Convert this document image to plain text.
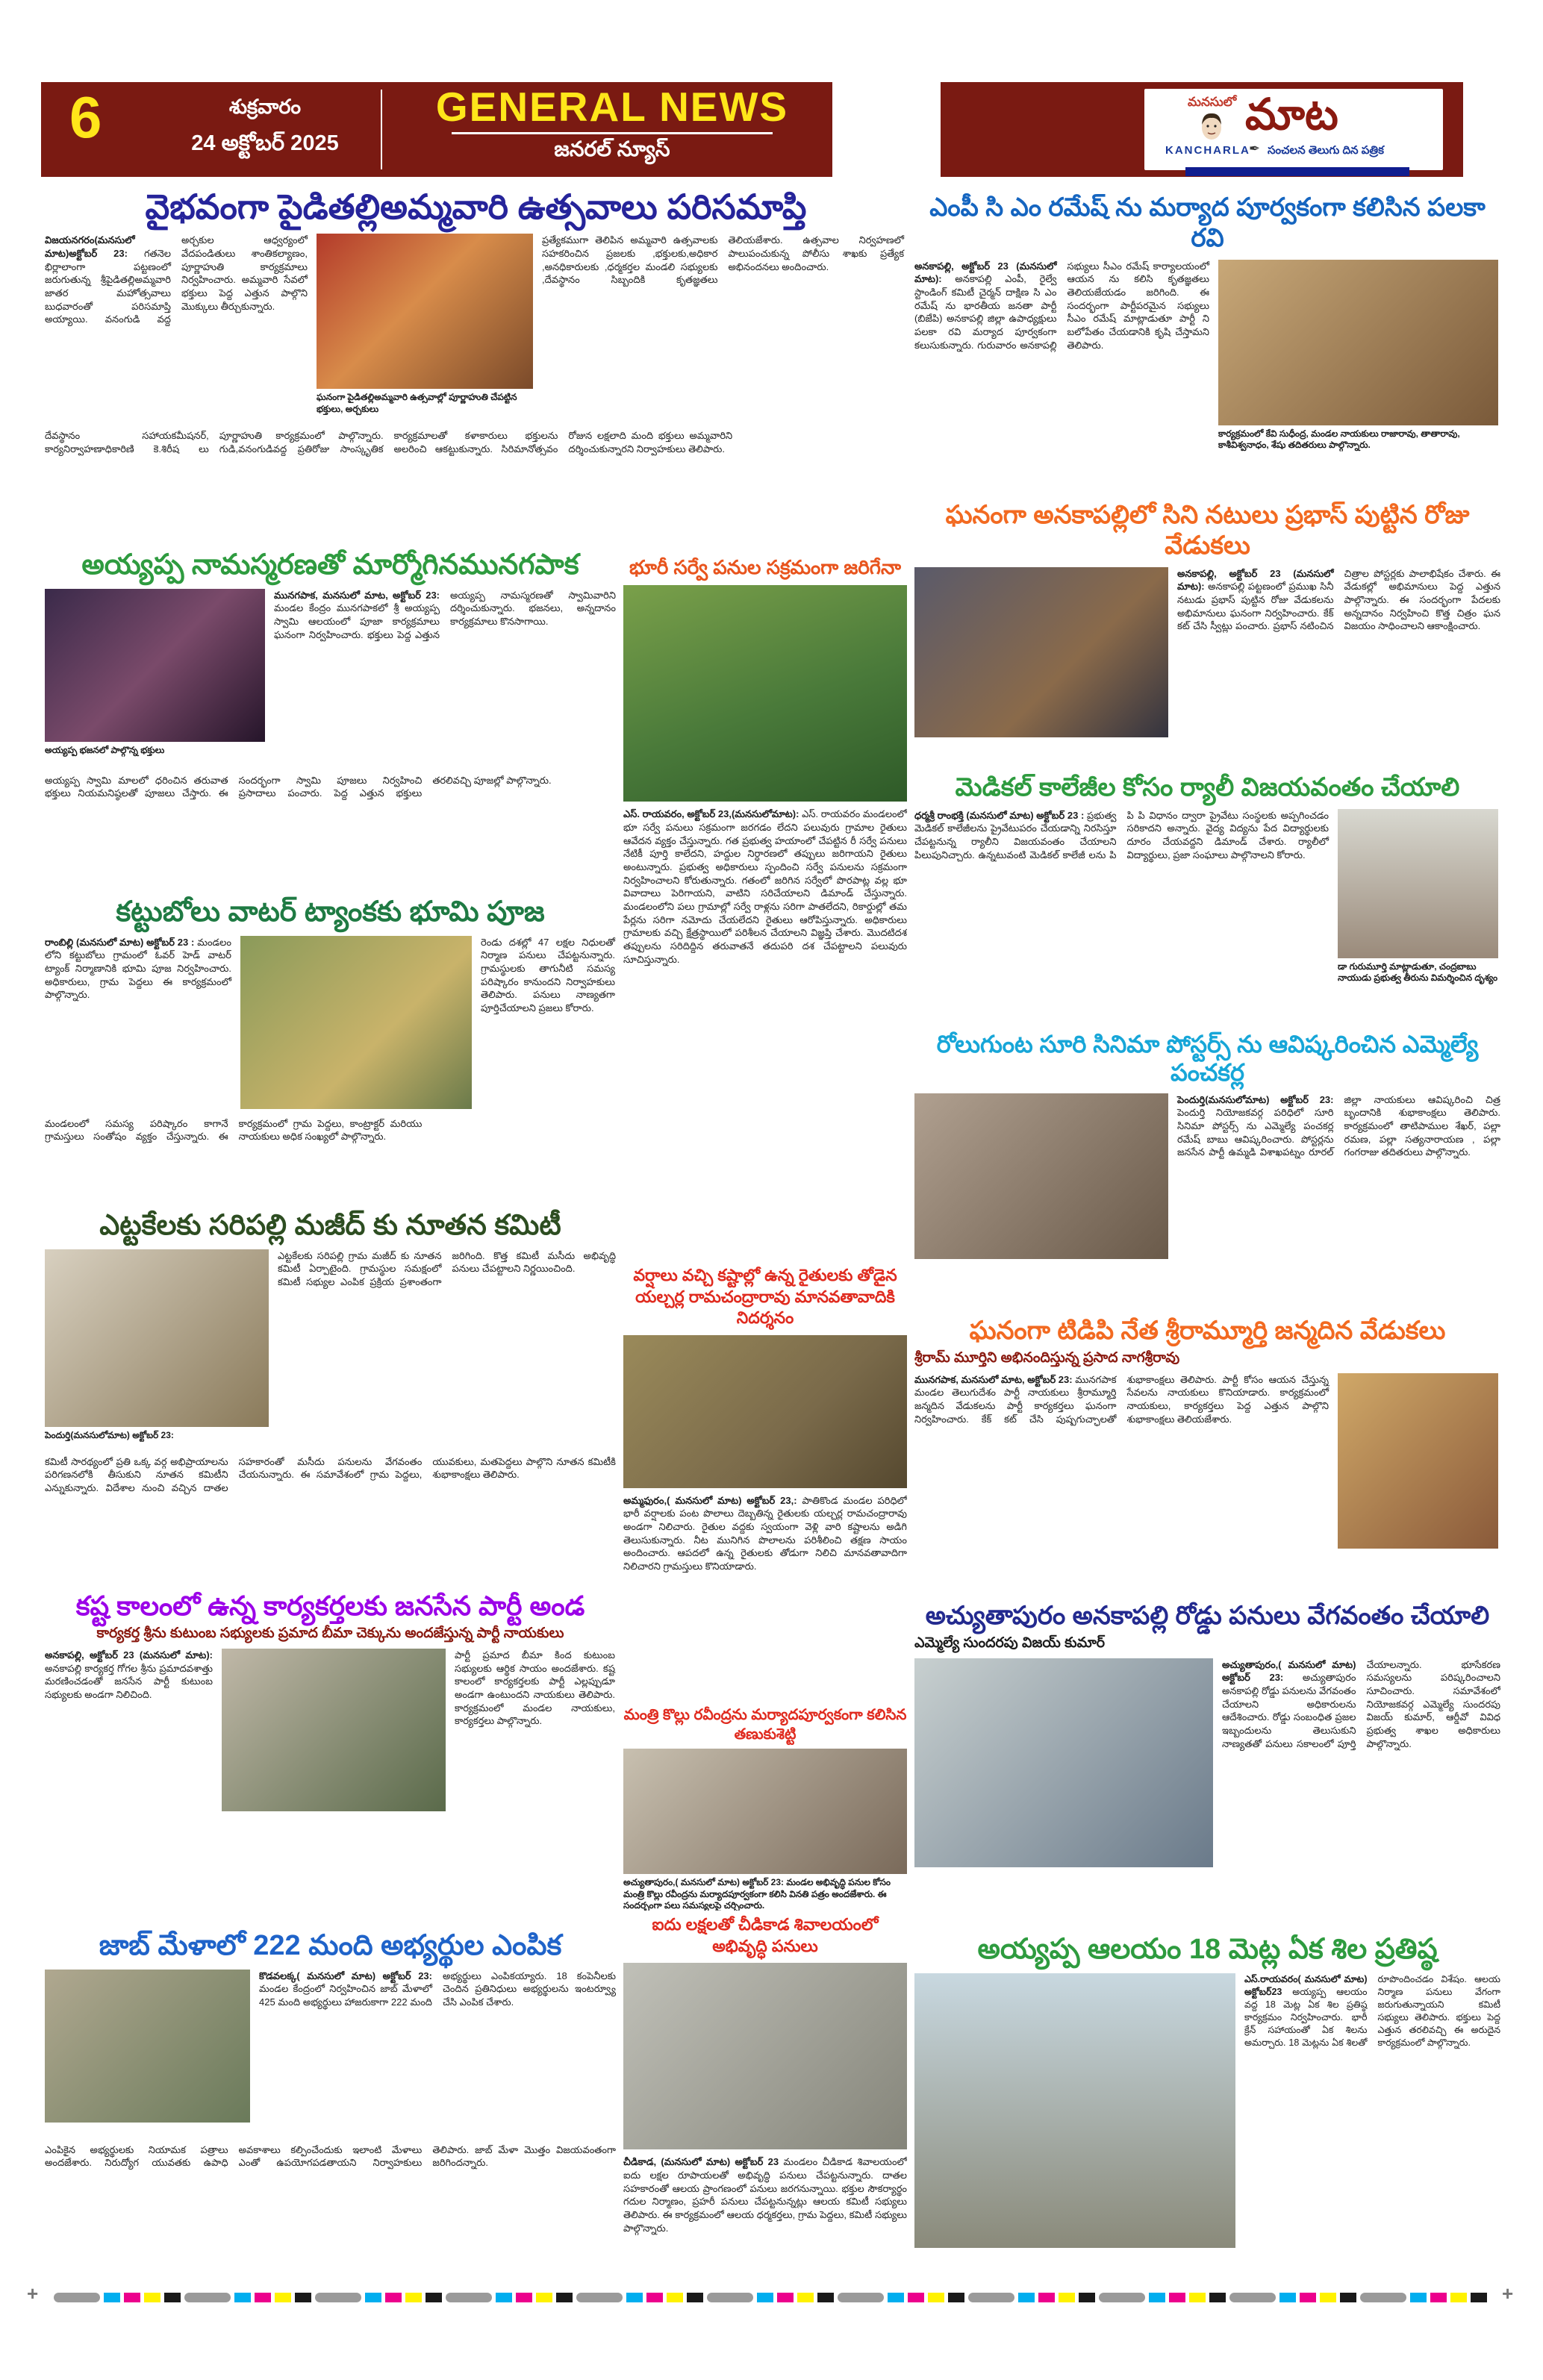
6	శుక్రవారం
24 అక్టోబర్ 2025
GENERAL NEWS
జనరల్ న్యూస్
మనసులో మాట
KANCHARLA
✒ సంచలన తెలుగు దిన పత్రిక
వైభవంగా పైడితల్లిఅమ్మవారి ఉత్సవాలు పరిసమాప్తి
విజయనగరం(మనసులో మాట)అక్టోబర్ 23: గతనెల భిర్లాలాంగా పట్టణంలో జరుగుతున్న శ్రీపైడితల్లిఅమ్మవారి జాతర మహోత్సవాలు బుధవారంతో పరిసమాప్తి అయ్యాయి. వనంగుడి వద్ద అర్చకుల ఆధ్వర్యంలో వేదపండితులు శాంతికల్యాణం, పూర్ణాహుతి కార్యక్రమాలు నిర్వహించారు. అమ్మవారి సేవలో భక్తులు పెద్ద ఎత్తున పాల్గొని మొక్కులు తీర్చుకున్నారు.
ఘనంగా పైడితల్లిఅమ్మవారి ఉత్సవాల్లో పూర్ణాహుతి చేపట్టిన భక్తులు, అర్చకులు
ప్రత్యేకముగా తెలిపిన అమ్మవారి ఉత్సవాలకు సహకరించిన ప్రజలకు ,భక్తులకు,అధికార ,అనధికారులకు ,ధర్మకర్తల మండలి సభ్యులకు ,దేవస్థానం సిబ్బందికి కృతజ్ఞతలు తెలియజేశారు. ఉత్సవాల నిర్వహణలో పాలుపంచుకున్న పోలీసు శాఖకు ప్రత్యేక అభినందనలు అందించారు.
దేవస్థానం సహాయకమీషనర్, కార్యనిర్వాహణాధికారిణి కె.శిరీష లు పూర్ణాహుతి కార్యక్రమంలో పాల్గొన్నారు. గుడి,వనంగుడివద్ద ప్రతిరోజు సాంస్కృతిక కార్యక్రమాలతో కళాకారులు భక్తులను అలరించి ఆకట్టుకున్నారు. సిరిమానోత్సవం రోజున లక్షలాది మంది భక్తులు అమ్మవారిని దర్శించుకున్నారని నిర్వాహకులు తెలిపారు.
అయ్యప్ప నామస్మరణతో మార్మోగినమునగపాక
అయ్యప్ప భజనలో పాల్గొన్న భక్తులు
మునగపాక, మనసులో మాట, అక్టోబర్ 23: మండల కేంద్రం మునగపాకలో శ్రీ అయ్యప్ప స్వామి ఆలయంలో పూజా కార్యక్రమాలు ఘనంగా నిర్వహించారు. భక్తులు పెద్ద ఎత్తున అయ్యప్ప నామస్మరణతో స్వామివారిని దర్శించుకున్నారు. భజనలు, అన్నదానం కార్యక్రమాలు కొనసాగాయి.
అయ్యప్ప స్వామి మాలలో ధరించిన తరువాత భక్తులు నియమనిష్ఠలతో పూజలు చేస్తారు. ఈ సందర్భంగా స్వామి పూజలు నిర్వహించి ప్రసాదాలు పంచారు. పెద్ద ఎత్తున భక్తులు తరలివచ్చి పూజల్లో పాల్గొన్నారు.
కట్టుబోలు వాటర్ ట్యాంకకు భూమి పూజ
రాంబిల్లి (మనసులో మాట) అక్టోబర్ 23 : మండలం లోని కట్టుబోలు గ్రామంలో ఓవర్ హెడ్ వాటర్ ట్యాంక్ నిర్మాణానికి భూమి పూజ నిర్వహించారు. అధికారులు, గ్రామ పెద్దలు ఈ కార్యక్రమంలో పాల్గొన్నారు.
రెండు దశల్లో 47 లక్షల నిధులతో నిర్మాణ పనులు చేపట్టనున్నారు. గ్రామస్థులకు తాగునీటి సమస్య పరిష్కారం కానుందని నిర్వాహకులు తెలిపారు. పనులు నాణ్యతగా పూర్తిచేయాలని ప్రజలు కోరారు.
మండలంలో సమస్య పరిష్కారం కాగానే గ్రామస్తులు సంతోషం వ్యక్తం చేస్తున్నారు. ఈ కార్యక్రమంలో గ్రామ పెద్దలు, కాంట్రాక్టర్ మరియు నాయకులు అధిక సంఖ్యలో పాల్గొన్నారు.
ఎట్టకేలకు సరిపల్లి మజీద్ కు నూతన కమిటీ
పెందుర్తి(మనసులోమాట) అక్టోబర్ 23:
ఎట్టకేలకు సరిపల్లి గ్రామ మజీద్ కు నూతన కమిటీ ఏర్పాటైంది. గ్రామస్థుల సమక్షంలో కమిటీ సభ్యుల ఎంపిక ప్రక్రియ ప్రశాంతంగా జరిగింది. కొత్త కమిటీ మసీదు అభివృద్ధి పనులు చేపట్టాలని నిర్ణయించింది.
కమిటీ సారథ్యంలో ప్రతి ఒక్క వర్గ అభిప్రాయాలను పరిగణనలోకి తీసుకుని నూతన కమిటీని ఎన్నుకున్నారు. విదేశాల నుంచి వచ్చిన దాతల సహకారంతో మసీదు పనులను వేగవంతం చేయనున్నారు. ఈ సమావేశంలో గ్రామ పెద్దలు, యువకులు, మతపెద్దలు పాల్గొని నూతన కమిటీకి శుభాకాంక్షలు తెలిపారు.
కష్ట కాలంలో ఉన్న కార్యకర్తలకు జనసేన పార్టీ అండ
కార్యకర్త శ్రీను కుటుంబ సభ్యులకు ప్రమాద బీమా చెక్కును అందజేస్తున్న పార్టీ నాయకులు
అనకాపల్లి, అక్టోబర్ 23 (మనసులో మాట): అనకాపల్లి కార్యకర్త గోగల శ్రీను ప్రమాదవశాత్తు మరణించడంతో జనసేన పార్టీ కుటుంబ సభ్యులకు అండగా నిలిచింది.
పార్టీ ప్రమాద బీమా కింద కుటుంబ సభ్యులకు ఆర్థిక సాయం అందజేశారు. కష్ట కాలంలో కార్యకర్తలకు పార్టీ ఎల్లప్పుడూ అండగా ఉంటుందని నాయకులు తెలిపారు. కార్యక్రమంలో మండల నాయకులు, కార్యకర్తలు పాల్గొన్నారు.
జాబ్ మేళాలో 222 మంది అభ్యర్థుల ఎంపిక
కొడవలక్క( మనసులో మాట) అక్టోబర్ 23: మండల కేంద్రంలో నిర్వహించిన జాబ్ మేళాలో 425 మంది అభ్యర్థులు హాజరుకాగా 222 మంది అభ్యర్థులు ఎంపికయ్యారు. 18 కంపెనీలకు చెందిన ప్రతినిధులు అభ్యర్థులను ఇంటర్వ్యూ చేసి ఎంపిక చేశారు.
ఎంపికైన అభ్యర్థులకు నియామక పత్రాలు అందజేశారు. నిరుద్యోగ యువతకు ఉపాధి అవకాశాలు కల్పించేందుకు ఇలాంటి మేళాలు ఎంతో ఉపయోగపడతాయని నిర్వాహకులు తెలిపారు. జాబ్ మేళా మొత్తం విజయవంతంగా జరిగిందన్నారు.
భూరీ సర్వే పనుల సక్రమంగా జరిగేనా
ఎస్. రాయవరం, అక్టోబర్ 23,(మనసులోమాట): ఎస్. రాయవరం మండలంలో భూ సర్వే పనులు సక్రమంగా జరగడం లేదని పలువురు గ్రామాల రైతులు ఆవేదన వ్యక్తం చేస్తున్నారు. గత ప్రభుత్వ హయాంలో చేపట్టిన రీ సర్వే పనులు నేటికీ పూర్తి కాలేదని, హద్దుల నిర్ధారణలో తప్పులు జరిగాయని రైతులు అంటున్నారు. ప్రభుత్వ అధికారులు స్పందించి సర్వే పనులను సక్రమంగా నిర్వహించాలని కోరుతున్నారు. గతంలో జరిగిన సర్వేలో పొరపాట్ల వల్ల భూ వివాదాలు పెరిగాయని, వాటిని సరిచేయాలని డిమాండ్ చేస్తున్నారు. మండలంలోని పలు గ్రామాల్లో సర్వే రాళ్లను సరిగా పాతలేదని, రికార్డుల్లో తమ పేర్లను సరిగా నమోదు చేయలేదని రైతులు ఆరోపిస్తున్నారు. అధికారులు గ్రామాలకు వచ్చి క్షేత్రస్థాయిలో పరిశీలన చేయాలని విజ్ఞప్తి చేశారు. మొదటిదశ తప్పులను సరిదిద్దిన తరువాతనే తదుపరి దశ చేపట్టాలని పలువురు సూచిస్తున్నారు.
వర్షాలు వచ్చి కష్టాల్లో ఉన్న రైతులకు తోడైన యల్చర్ల రామచంద్రారావు మానవతావాదికి నిదర్శనం
అమ్మఫురం,( మనసులో మాట) అక్టోబర్ 23,: పాతికొండ మండల పరిధిలో భారీ వర్షాలకు పంట పొలాలు దెబ్బతిన్న రైతులకు యల్చర్ల రామచంద్రారావు అండగా నిలిచారు. రైతుల వద్దకు స్వయంగా వెళ్లి వారి కష్టాలను అడిగి తెలుసుకున్నారు. నీట మునిగిన పొలాలను పరిశీలించి తక్షణ సాయం అందించారు. ఆపదలో ఉన్న రైతులకు తోడుగా నిలిచి మానవతావాదిగా నిలిచారని గ్రామస్తులు కొనియాడారు.
మంత్రి కొల్లు రవీంద్రను మర్యాదపూర్వకంగా కలిసిన తణుకుశెట్టి
అచ్యుతాపురం,( మనసులో మాట) అక్టోబర్ 23: మండల అభివృద్ధి పనుల కోసం మంత్రి కొల్లు రవీంద్రను మర్యాదపూర్వకంగా కలిసి వినతి పత్రం అందజేశారు. ఈ సందర్భంగా పలు సమస్యలపై చర్చించారు.
ఐదు లక్షలతో చీడికాడ శివాలయంలో అభివృద్ధి పనులు
చీడికాడ, (మనసులో మాట) అక్టోబర్ 23 మండలం చీడికాడ శివాలయంలో ఐదు లక్షల రూపాయలతో అభివృద్ధి పనులు చేపట్టనున్నారు. దాతల సహకారంతో ఆలయ ప్రాంగణంలో పనులు జరగనున్నాయి. భక్తుల సౌకర్యార్థం గదుల నిర్మాణం, ప్రహరీ పనులు చేపట్టనున్నట్లు ఆలయ కమిటీ సభ్యులు తెలిపారు. ఈ కార్యక్రమంలో ఆలయ ధర్మకర్తలు, గ్రామ పెద్దలు, కమిటీ సభ్యులు పాల్గొన్నారు.
ఎంపీ సి ఎం రమేష్ ను మర్యాద పూర్వకంగా కలిసిన పలకా రవి
అనకాపల్లి, అక్టోబర్ 23 (మనసులో మాట): అనకాపల్లి ఎంపీ, రైల్వే స్టాండింగ్ కమిటీ చైర్మన్ దాక్షిణ సి ఎం రమేష్ ను భారతీయ జనతా పార్టీ (బిజేపి) అనకాపల్లి జిల్లా ఉపాధ్యక్షులు పలకా రవి మర్యాద పూర్వకంగా కలుసుకున్నారు. గురువారం అనకాపల్లి సభ్యులు సీఎం రమేష్ కార్యాలయంలో ఆయన ను కలిసి కృతజ్ఞతలు తెలియజేయడం జరిగింది. ఈ సందర్భంగా పార్టీపరమైన సభ్యులు సీఎం రమేష్ మాట్లాడుతూ పార్టీ ని బలోపేతం చేయడానికి కృషి చేస్తామని తెలిపారు.
కార్యక్రమంలో కేవి సుధీంద్ర, మండల నాయకులు రాజారావు, తాతారావు, కాశీవిశ్వనాధం, శేషు తదితరులు పాల్గొన్నారు.
ఘనంగా అనకాపల్లిలో సిని నటులు ప్రభాస్ పుట్టిన రోజు వేడుకలు
అనకాపల్లి, అక్టోబర్ 23 (మనసులో మాట): అనకాపల్లి పట్టణంలో ప్రముఖ సినీ నటుడు ప్రభాస్ పుట్టిన రోజు వేడుకలను అభిమానులు ఘనంగా నిర్వహించారు. కేక్ కట్ చేసి స్వీట్లు పంచారు. ప్రభాస్ నటించిన చిత్రాల పోస్టర్లకు పాలాభిషేకం చేశారు. ఈ వేడుకల్లో అభిమానులు పెద్ద ఎత్తున పాల్గొన్నారు. ఈ సందర్భంగా పేదలకు అన్నదానం నిర్వహించి కొత్త చిత్రం ఘన విజయం సాధించాలని ఆకాంక్షించారు.
మెడికల్ కాలేజీల కోసం ర్యాలీ విజయవంతం చేయాలి
ధర్మశ్రీ రాంభక్తి (మనసులో మాట) అక్టోబర్ 23 : ప్రభుత్వ మెడికల్ కాలేజీలను ప్రైవేటుపరం చేయడాన్ని నిరసిస్తూ చేపట్టనున్న ర్యాలీని విజయవంతం చేయాలని పిలుపునిచ్చారు. ఉన్నటువంటి మెడికల్ కాలేజీ లను పి పి పి విధానం ద్వారా ప్రైవేటు సంస్థలకు అప్పగించడం సరికాదని అన్నారు. వైద్య విద్యను పేద విద్యార్థులకు దూరం చేయవద్దని డిమాండ్ చేశారు. ర్యాలీలో విద్యార్థులు, ప్రజా సంఘాలు పాల్గొనాలని కోరారు.
డా గురుమూర్తి మాట్లాడుతూ, చంద్రబాబు నాయుడు ప్రభుత్వ తీరును విమర్శించిన దృశ్యం
రోలుగుంట సూరి సినిమా పోస్టర్స్ ను ఆవిష్కరించిన ఎమ్మెల్యే పంచకర్ల
పెందుర్తి(మనసులోమాట) అక్టోబర్ 23: పెందుర్తి నియోజకవర్గ పరిధిలో సూరి సినిమా పోస్టర్స్ ను ఎమ్మెల్యే పంచకర్ల రమేష్ బాబు ఆవిష్కరించారు. పోస్టర్లను జనసేన పార్టీ ఉమ్మడి విశాఖపట్నం రూరల్ జిల్లా నాయకులు ఆవిష్కరించి చిత్ర బృందానికి శుభాకాంక్షలు తెలిపారు. కార్యక్రమంలో తాటిపాముల శేఖర్, పల్లా రమణ, పల్లా సత్యనారాయణ , పల్లా గంగరాజు తదితరులు పాల్గొన్నారు.
ఘనంగా టిడిపి నేత శ్రీరామ్మూర్తి జన్మదిన వేడుకలు
శ్రీరామ్ మూర్తిని అభినందిస్తున్న ప్రసాద నాగశ్రీరావు
మునగపాక, మనసులో మాట, అక్టోబర్ 23: మునగపాక మండల తెలుగుదేశం పార్టీ నాయకులు శ్రీరామ్మూర్తి జన్మదిన వేడుకలను పార్టీ కార్యకర్తలు ఘనంగా నిర్వహించారు. కేక్ కట్ చేసి పుష్పగుచ్ఛాలతో శుభాకాంక్షలు తెలిపారు. పార్టీ కోసం ఆయన చేస్తున్న సేవలను నాయకులు కొనియాడారు. కార్యక్రమంలో నాయకులు, కార్యకర్తలు పెద్ద ఎత్తున పాల్గొని శుభాకాంక్షలు తెలియజేశారు.
అచ్యుతాపురం అనకాపల్లి రోడ్డు పనులు వేగవంతం చేయాలి
ఎమ్మెల్యే సుందరపు విజయ్ కుమార్
అచ్యుతాపురం,( మనసులో మాట) అక్టోబర్ 23: అచ్యుతాపురం అనకాపల్లి రోడ్డు పనులను వేగవంతం చేయాలని అధికారులను ఆదేశించారు. రోడ్డు సంబంధిత ప్రజల ఇబ్బందులను తెలుసుకుని నాణ్యతతో పనులు సకాలంలో పూర్తి చేయాలన్నారు. భూసేకరణ సమస్యలను పరిష్కరించాలని సూచించారు. సమావేశంలో నియోజకవర్గ ఎమ్మెల్యే సుందరపు విజయ్ కుమార్, ఆర్డీవో వివిధ ప్రభుత్వ శాఖల అధికారులు పాల్గొన్నారు.
అయ్యప్ప ఆలయం 18 మెట్ల ఏక శిల ప్రతిష్ఠ
ఎస్.రాయవరం( మనసులో మాట) అక్టోబర్23 అయ్యప్ప ఆలయం వద్ద 18 మెట్ల ఏక శిల ప్రతిష్ఠ కార్యక్రమం నిర్వహించారు. భారీ క్రేన్ సహాయంతో ఏక శిలను అమర్చారు. 18 మెట్లను ఏక శిలతో రూపొందించడం విశేషం. ఆలయ నిర్మాణ పనులు వేగంగా జరుగుతున్నాయని కమిటీ సభ్యులు తెలిపారు. భక్తులు పెద్ద ఎత్తున తరలివచ్చి ఈ అరుదైన కార్యక్రమంలో పాల్గొన్నారు.
+	+
